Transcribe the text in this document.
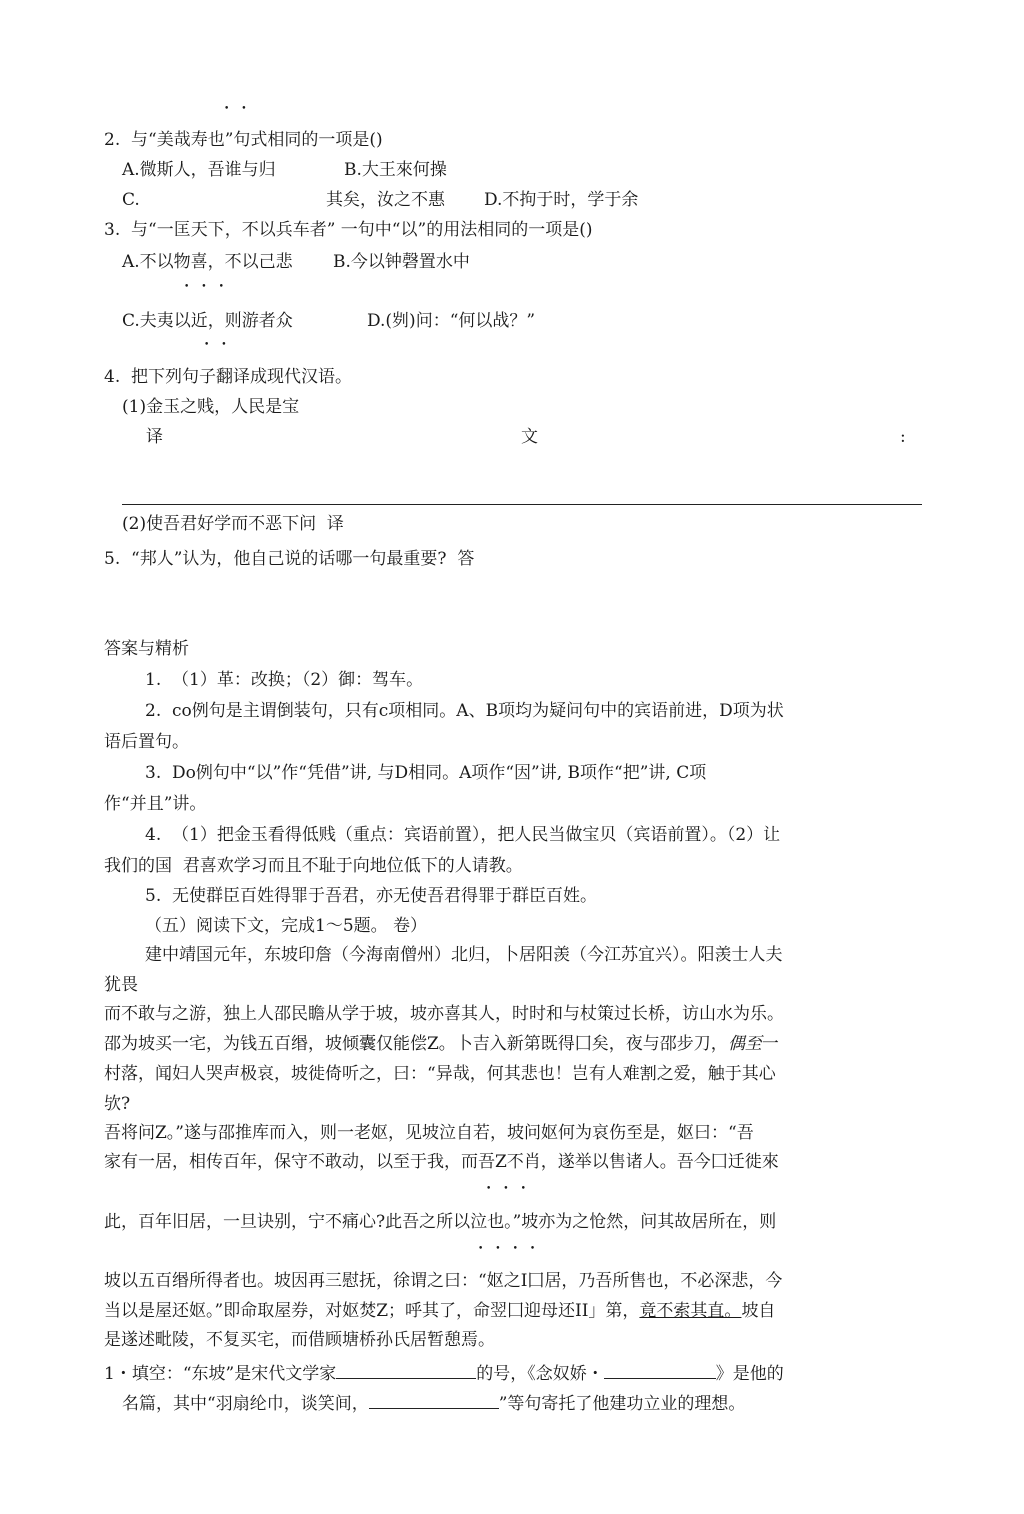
••
2.  与“美哉寿也”句式相同的一项是()
A.微斯人，吾谁与归	B.大王來何操
C.	其矣，汝之不惠 D.不拘于时，学于余
3.  与“一匡天下，不以兵车者” 一句中“以”的用法相同的一项是()
A.不以物喜，不以己悲 B.今以钟磬置水中
•••
C.夫夷以近，则游者众	D.(刿)问：“何以战？”
••
4.  把下列句子翻译成现代汉语。
(1)金玉之贱，人民是宝
译	文	:
(2)使吾君好学而不恶下问  译
5.  “邦人”认为，他自己说的话哪一句最重要?  答
答案与精析
1.  （1）革：改换；（2）御：驾车。
2.  co例句是主谓倒装句，只有c项相同。A、B项均为疑问句中的宾语前进，D项为状
语后置句。
3.  Do例句中“以”作“凭借”讲, 与D相同。A项作“因”讲, B项作“把”讲, C项
作“并且”讲。
4.  （1）把金玉看得低贱（重点：宾语前置），把人民当做宝贝（宾语前置）。（2）让
我们的国  君喜欢学习而且不耻于向地位低下的人请教。
5.  无使群臣百姓得罪于吾君，亦无使吾君得罪于群臣百姓。
（五）阅读下文，完成1～5题。 卷）
建中靖国元年，东坡印詹（今海南僧州）北归，卜居阳羡（今江苏宜兴）。阳羡士人夫
犹畏
而不敢与之游，独上人邵民瞻从学于坡，坡亦喜其人，时时和与杖策过长桥，访山水为乐。
邵为坡买一宅，为钱五百缗，坡倾囊仅能偿Z。卜吉入新第既得囗矣，夜与邵步刀，偶至一
村落，闻妇人哭声极哀，坡徙倚听之，曰：“异哉，何其悲也！岂有人难割之爱，触于其心
欤?
吾将问Z。”遂与邵推库而入，则一老妪，见坡泣自若，坡问妪何为哀伤至是，妪曰：“吾
家有一居，相传百年，保守不敢动，以至于我，而吾Z不肖，遂举以售诸人。吾今囗迁徙來
•••
此，百年旧居，一旦诀别，宁不痛心?此吾之所以泣也。”坡亦为之怆然，问其故居所在，则
••••
坡以五百缗所得者也。坡因再三慰抚，徐谓之曰：“妪之I囗居，乃吾所售也，不必深悲，今
当以是屋还妪。”即命取屋券，对妪焚Z；呼其了，命翌囗迎母还II」第，竟不索其直。坡自
是遂述毗陵，不复买宅，而借顾塘桥孙氏居暂憩焉。
1・填空：“东坡”是宋代文学家	的号，《念奴娇・	》是他的
名篇，其中“羽扇纶巾，谈笑间，	”等句寄托了他建功立业的理想。
